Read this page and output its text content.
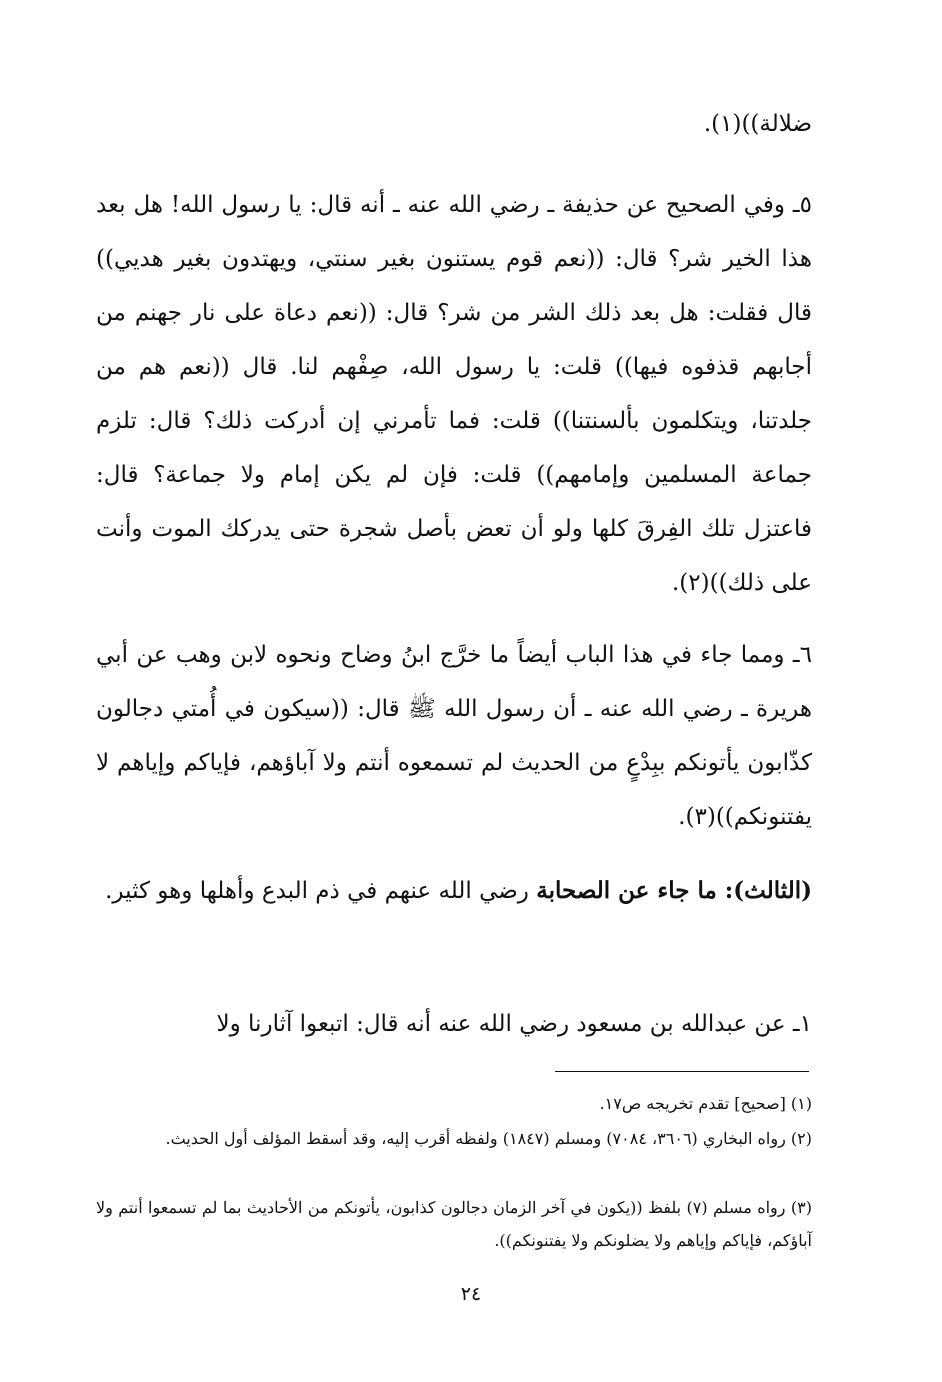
ضلالة))(١).

٥ـ وفي الصحيح عن حذيفة ـ رضي الله عنه ـ أنه قال: يا رسول الله! هل بعد هذا الخير شر؟ قال: ((نعم قوم يستنون بغير سنتي، ويهتدون بغير هديي)) قال فقلت: هل بعد ذلك الشر من شر؟ قال: ((نعم دعاة على نار جهنم من أجابهم قذفوه فيها)) قلت: يا رسول الله، صِفْهم لنا. قال ((نعم هم من جلدتنا، ويتكلمون بألسنتنا)) قلت: فما تأمرني إن أدركت ذلك؟ قال: تلزم جماعة المسلمين وإمامهم)) قلت: فإن لم يكن إمام ولا جماعة؟ قال: فاعتزل تلك الفِرقَ كلها ولو أن تعض بأصل شجرة حتى يدركك الموت وأنت على ذلك))(٢).

٦ـ ومما جاء في هذا الباب أيضاً ما خرَّج ابنُ وضاح ونحوه لابن وهب عن أبي هريرة ـ رضي الله عنه ـ أن رسول الله ﷺ قال: ((سيكون في أُمتي دجالون كذّابون يأتونكم ببِدْعٍ من الحديث لم تسمعوه أنتم ولا آباؤهم، فإياكم وإياهم لا يفتنونكم))(٣).

(الثالث): ما جاء عن الصحابة رضي الله عنهم في ذم البدع وأهلها وهو كثير.

١ـ عن عبدالله بن مسعود رضي الله عنه أنه قال: اتبعوا آثارنا ولا

(١) [صحيح] تقدم تخريجه ص١٧.

(٢) رواه البخاري (٣٦٠٦، ٧٠٨٤) ومسلم (١٨٤٧) ولفظه أقرب إليه، وقد أسقط المؤلف أول الحديث.

(٣) رواه مسلم (٧) بلفظ ((يكون في آخر الزمان دجالون كذابون، يأتونكم من الأحاديث بما لم تسمعوا أنتم ولا آباؤكم، فإياكم وإياهم ولا يضلونكم ولا يفتنونكم)).

٢٤
